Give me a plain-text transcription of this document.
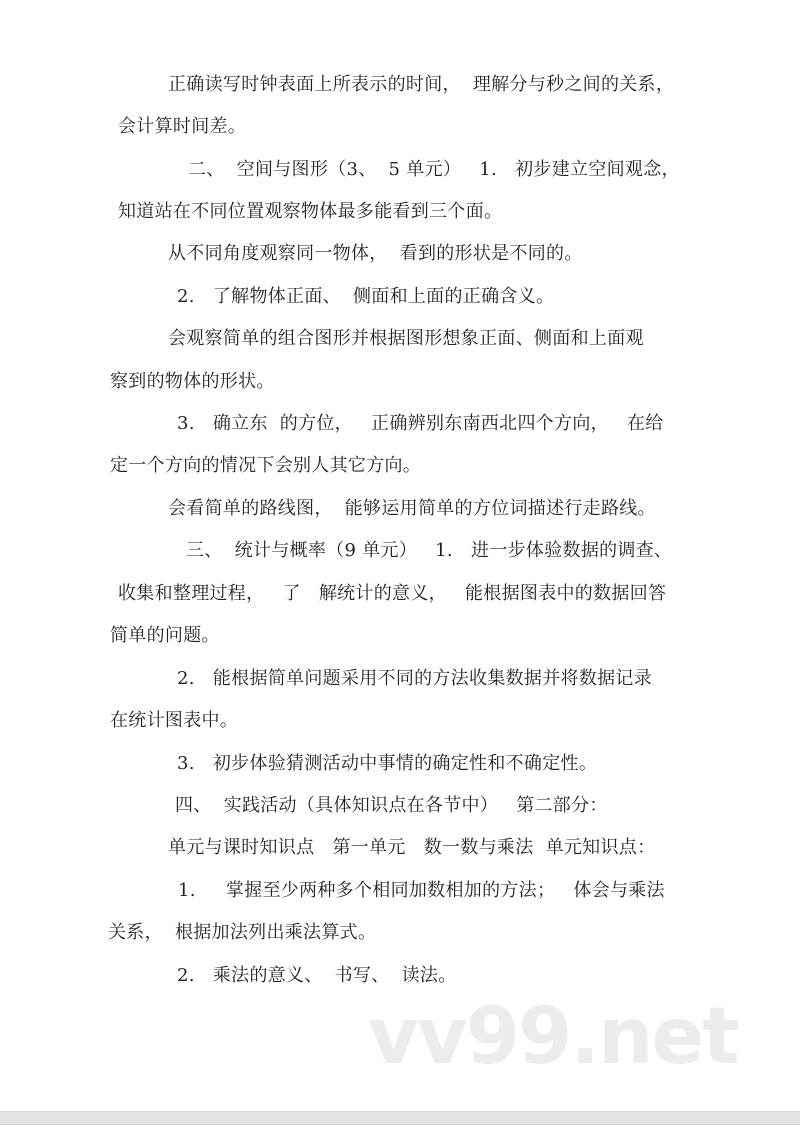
正确读写时钟表面上所表示的时间，  理解分与秒之间的关系，
会计算时间差。
二、  空间与图形（3、  5 单元）   1.   初步建立空间观念，
知道站在不同位置观察物体最多能看到三个面。
从不同角度观察同一物体，  看到的形状是不同的。
2.   了解物体正面、  侧面和上面的正确含义。
会观察简单的组合图形并根据图形想象正面、侧面和上面观
察到的物体的形状。
3.   确立东  的方位，   正确辨别东南西北四个方向，   在给
定一个方向的情况下会别人其它方向。
会看简单的路线图，  能够运用简单的方位词描述行走路线。
三、  统计与概率（9 单元）   1.   进一步体验数据的调查、
收集和整理过程，   了   解统计的意义，   能根据图表中的数据回答
简单的问题。
2.   能根据简单问题采用不同的方法收集数据并将数据记录
在统计图表中。
3.   初步体验猜测活动中事情的确定性和不确定性。
四、  实践活动（具体知识点在各节中）   第二部分：
单元与课时知识点   第一单元   数一数与乘法  单元知识点：
1.     掌握至少两种多个相同加数相加的方法；   体会与乘法
关系，  根据加法列出乘法算式。
2.   乘法的意义、  书写、  读法。
vv99.net
